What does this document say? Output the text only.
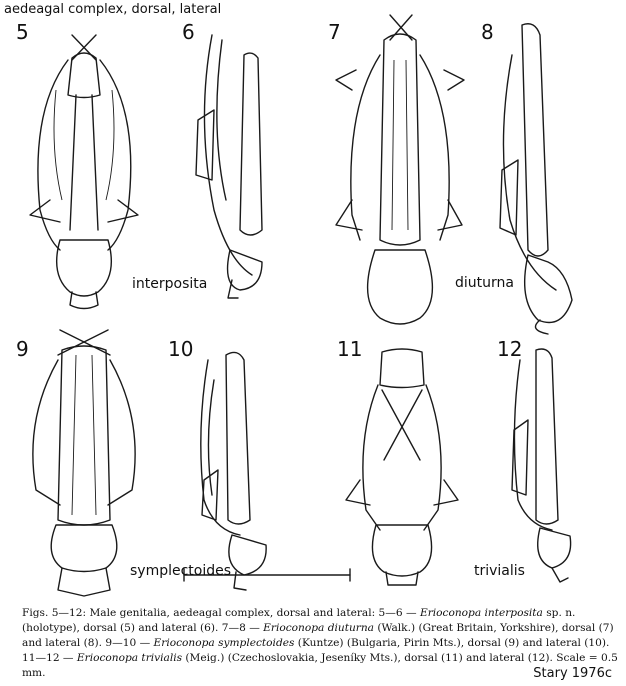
aedeagal complex, dorsal, lateral
5	6	7	8
9	10	11	12
interposita	diuturna
symplectoides	trivialis
Figs. 5—12: Male genitalia, aedeagal complex, dorsal and lateral: 5—6 — Erioconopa interposita sp. n. (holotype), dorsal (5) and lateral (6). 7—8 — Erioconopa diuturna (Walk.) (Great Britain, Yorkshire), dorsal (7) and lateral (8). 9—10 — Erioconopa symplectoides (Kuntze) (Bulgaria, Pirin Mts.), dorsal (9) and lateral (10). 11—12 — Erioconopa trivialis (Meig.) (Czechoslovakia, Jeseníky Mts.), dorsal (11) and lateral (12). Scale = 0.5 mm.	Stary 1976c
